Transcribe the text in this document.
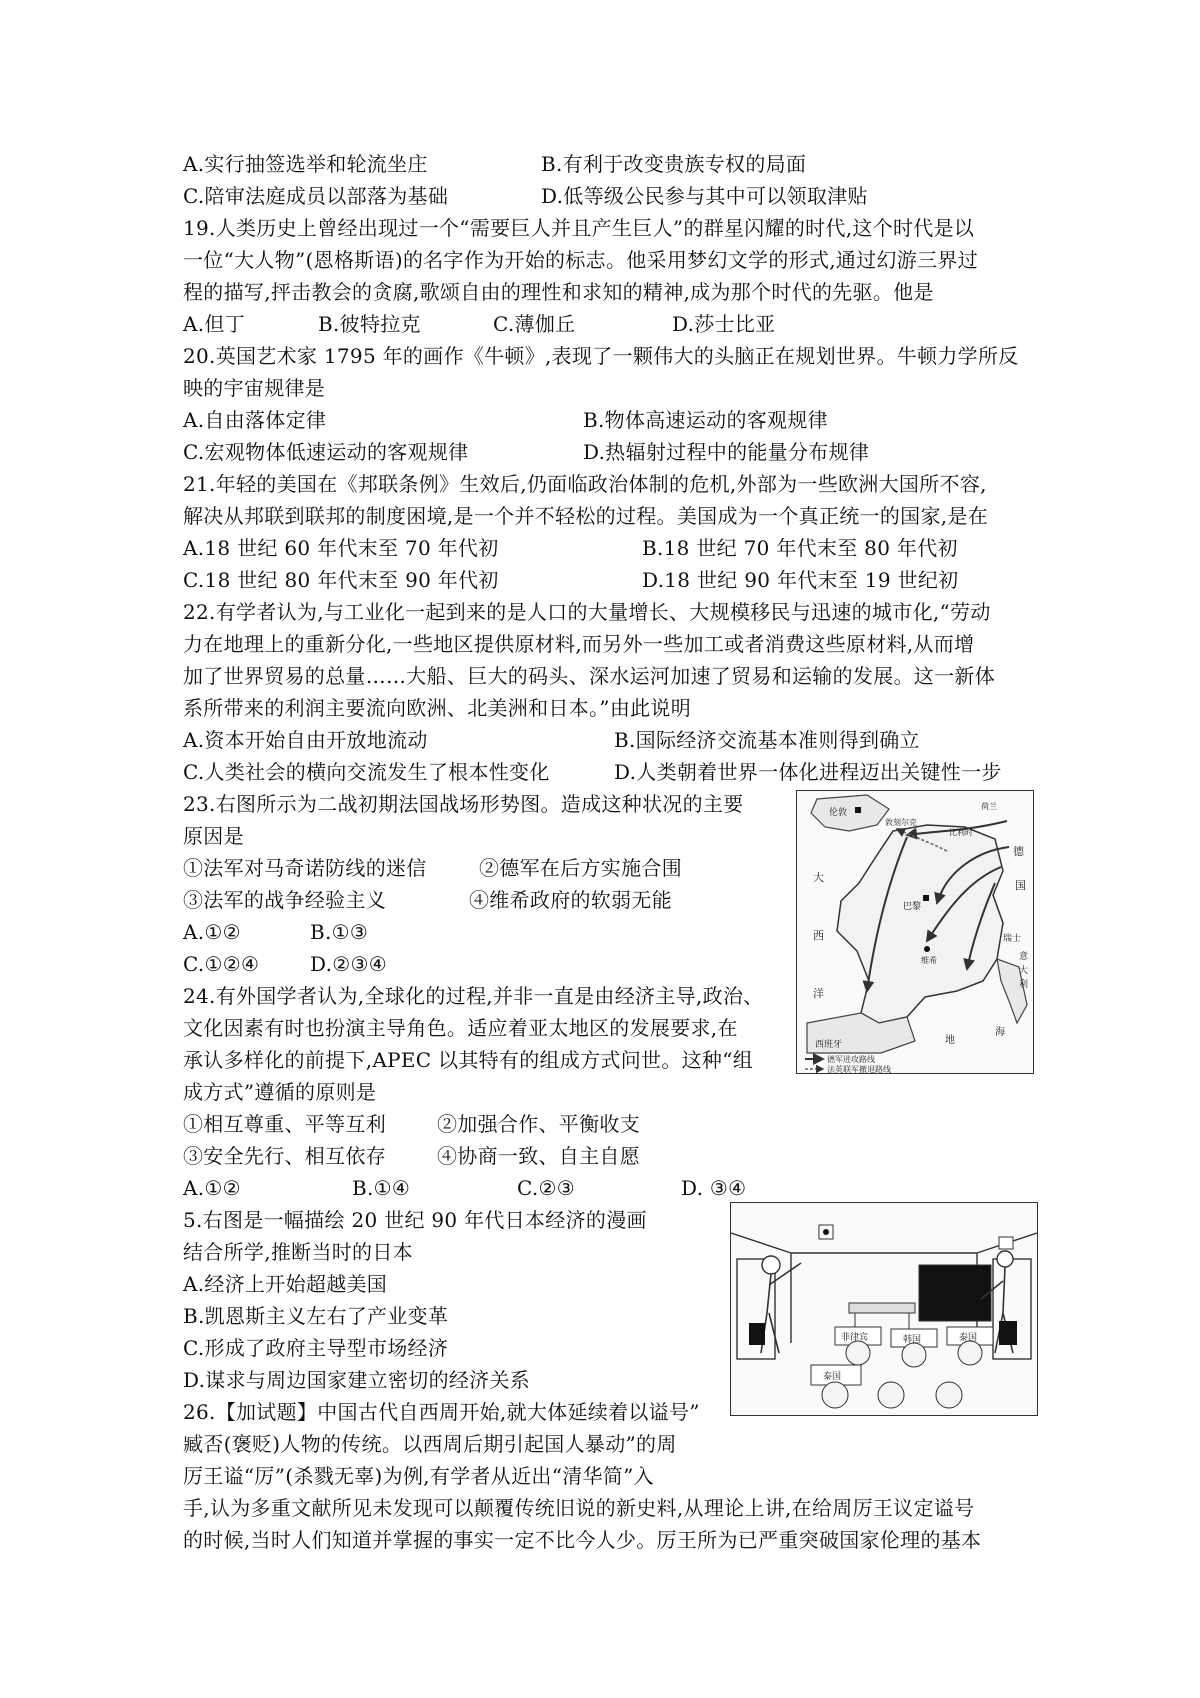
A.实行抽签选举和轮流坐庄	B.有利于改变贵族专权的局面
C.陪审法庭成员以部落为基础	D.低等级公民参与其中可以领取津贴
19.人类历史上曾经出现过一个“需要巨人并且产生巨人”的群星闪耀的时代,这个时代是以
一位“大人物”(恩格斯语)的名字作为开始的标志。他采用梦幻文学的形式,通过幻游三界过
程的描写,抨击教会的贪腐,歌颂自由的理性和求知的精神,成为那个时代的先驱。他是
A.但丁	B.彼特拉克	C.薄伽丘	D.莎士比亚
20.英国艺术家 1795 年的画作《牛顿》,表现了一颗伟大的头脑正在规划世界。牛顿力学所反
映的宇宙规律是
A.自由落体定律	B.物体高速运动的客观规律
C.宏观物体低速运动的客观规律	D.热辐射过程中的能量分布规律
21.年轻的美国在《邦联条例》生效后,仍面临政治体制的危机,外部为一些欧洲大国所不容,
解决从邦联到联邦的制度困境,是一个并不轻松的过程。美国成为一个真正统一的国家,是在
A.18 世纪 60 年代末至 70 年代初	B.18 世纪 70 年代末至 80 年代初
C.18 世纪 80 年代末至 90 年代初	D.18 世纪 90 年代末至 19 世纪初
22.有学者认为,与工业化一起到来的是人口的大量增长、大规模移民与迅速的城市化,“劳动
力在地理上的重新分化,一些地区提供原材料,而另外一些加工或者消费这些原材料,从而增
加了世界贸易的总量……大船、巨大的码头、深水运河加速了贸易和运输的发展。这一新体
系所带来的利润主要流向欧洲、北美洲和日本。”由此说明
A.资本开始自由开放地流动	B.国际经济交流基本准则得到确立
C.人类社会的横向交流发生了根本性变化	D.人类朝着世界一体化进程迈出关键性一步
23.右图所示为二战初期法国战场形势图。造成这种状况的主要
原因是
①法军对马奇诺防线的迷信	②德军在后方实施合围
③法军的战争经验主义	④维希政府的软弱无能
A.①②	B.①③
C.①②④	D.②③④
伦敦
敦刻尔克
荷兰
比利时
巴黎
维希
大
西
洋
德
国
瑞士
意
大
利
西班牙	地
海
德军进攻路线
法英联军撤退路线
24.有外国学者认为,全球化的过程,并非一直是由经济主导,政治、
文化因素有时也扮演主导角色。适应着亚太地区的发展要求,在
承认多样化的前提下,APEC 以其特有的组成方式问世。这种“组
成方式”遵循的原则是
①相互尊重、平等互利	②加强合作、平衡收支
③安全先行、相互依存	④协商一致、自主自愿
A.①②	B.①④	C.②③	D. ③④
5.右图是一幅描绘 20 世纪 90 年代日本经济的漫画
结合所学,推断当时的日本
A.经济上开始超越美国
B.凯恩斯主义左右了产业变革
C.形成了政府主导型市场经济
D.谋求与周边国家建立密切的经济关系
菲律宾	韩国	泰国
泰国
26.【加试题】中国古代自西周开始,就大体延续着以谥号”
臧否(褒贬)人物的传统。以西周后期引起国人暴动”的周
厉王谥“厉”(杀戮无辜)为例,有学者从近出“清华简”入
手,认为多重文献所见未发现可以颠覆传统旧说的新史料,从理论上讲,在给周厉王议定谥号
的时候,当时人们知道并掌握的事实一定不比今人少。厉王所为已严重突破国家伦理的基本
